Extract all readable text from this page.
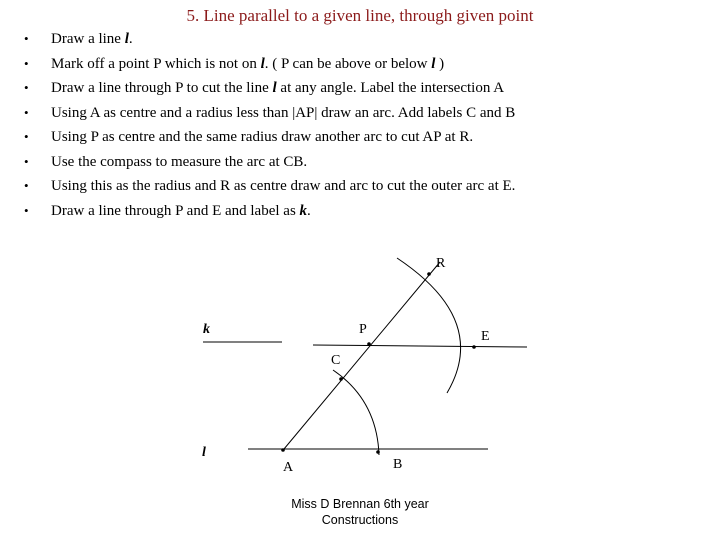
5. Line parallel to a given line, through given point
• Draw a line l.
• Mark off a point P which is not on l. ( P can be above or below l )
• Draw a line through P to cut the line l at any angle. Label the intersection A
• Using A as centre and a radius less than |AP| draw an arc. Add labels C and B
• Using P as centre and the same radius draw another arc to cut AP at R.
• Use the compass to measure the arc at CB.
• Using this as the radius and R as centre draw and arc to cut the outer arc at E.
• Draw a line through P and E and label as k.
R
k	P	E
C
l
A	B
Miss D Brennan 6th year
Constructions
